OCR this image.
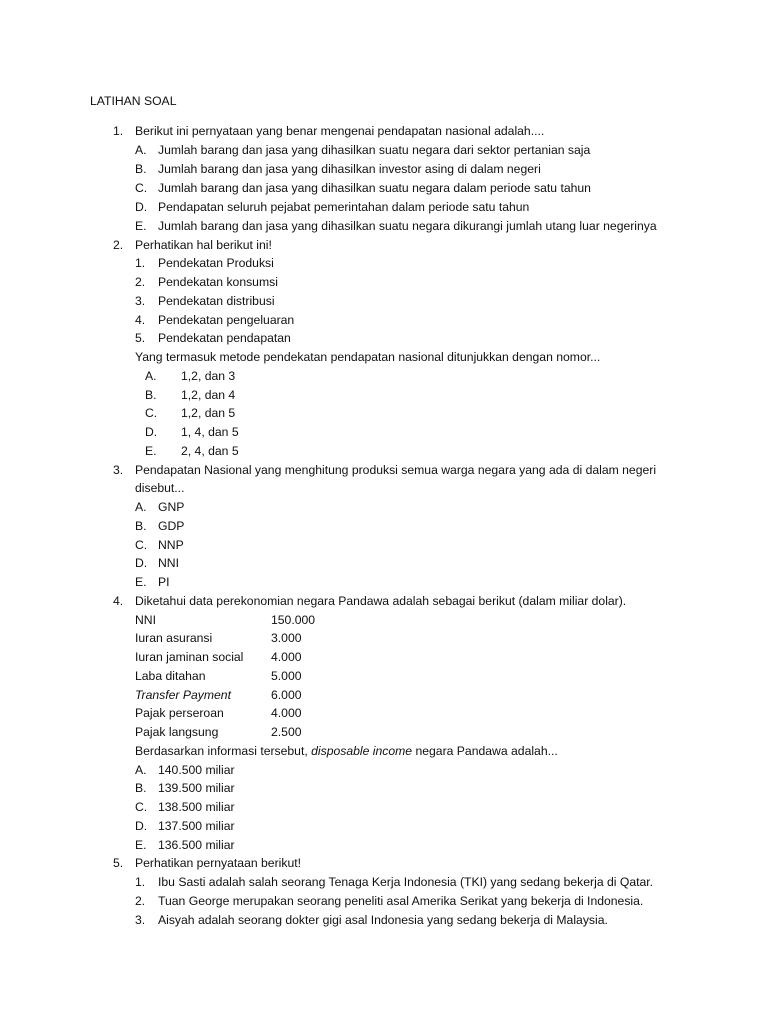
LATIHAN SOAL
1. Berikut ini pernyataan yang benar mengenai pendapatan nasional adalah....
A. Jumlah barang dan jasa yang dihasilkan suatu negara dari sektor pertanian saja
B. Jumlah barang dan jasa yang dihasilkan investor asing di dalam negeri
C. Jumlah barang dan jasa yang dihasilkan suatu negara dalam periode satu tahun
D. Pendapatan seluruh pejabat pemerintahan dalam periode satu tahun
E. Jumlah barang dan jasa yang dihasilkan suatu negara dikurangi jumlah utang luar negerinya
2. Perhatikan hal berikut ini!
1. Pendekatan Produksi
2. Pendekatan konsumsi
3. Pendekatan distribusi
4. Pendekatan pengeluaran
5. Pendekatan pendapatan
Yang termasuk metode pendekatan pendapatan nasional ditunjukkan dengan nomor...
A. 1,2, dan 3
B. 1,2, dan 4
C. 1,2, dan 5
D. 1, 4, dan 5
E. 2, 4, dan 5
3. Pendapatan Nasional yang menghitung produksi semua warga negara yang ada di dalam negeri
disebut...
A. GNP
B. GDP
C. NNP
D. NNI
E. PI
4. Diketahui data perekonomian negara Pandawa adalah sebagai berikut (dalam miliar dolar).
NNI	150.000
Iuran asuransi	3.000
Iuran jaminan social 4.000
Laba ditahan	5.000
Transfer Payment	6.000
Pajak perseroan	4.000
Pajak langsung	2.500
Berdasarkan informasi tersebut, disposable income negara Pandawa adalah...
A. 140.500 miliar
B. 139.500 miliar
C. 138.500 miliar
D. 137.500 miliar
E. 136.500 miliar
5. Perhatikan pernyataan berikut!
1. Ibu Sasti adalah salah seorang Tenaga Kerja Indonesia (TKI) yang sedang bekerja di Qatar.
2. Tuan George merupakan seorang peneliti asal Amerika Serikat yang bekerja di Indonesia.
3. Aisyah adalah seorang dokter gigi asal Indonesia yang sedang bekerja di Malaysia.
